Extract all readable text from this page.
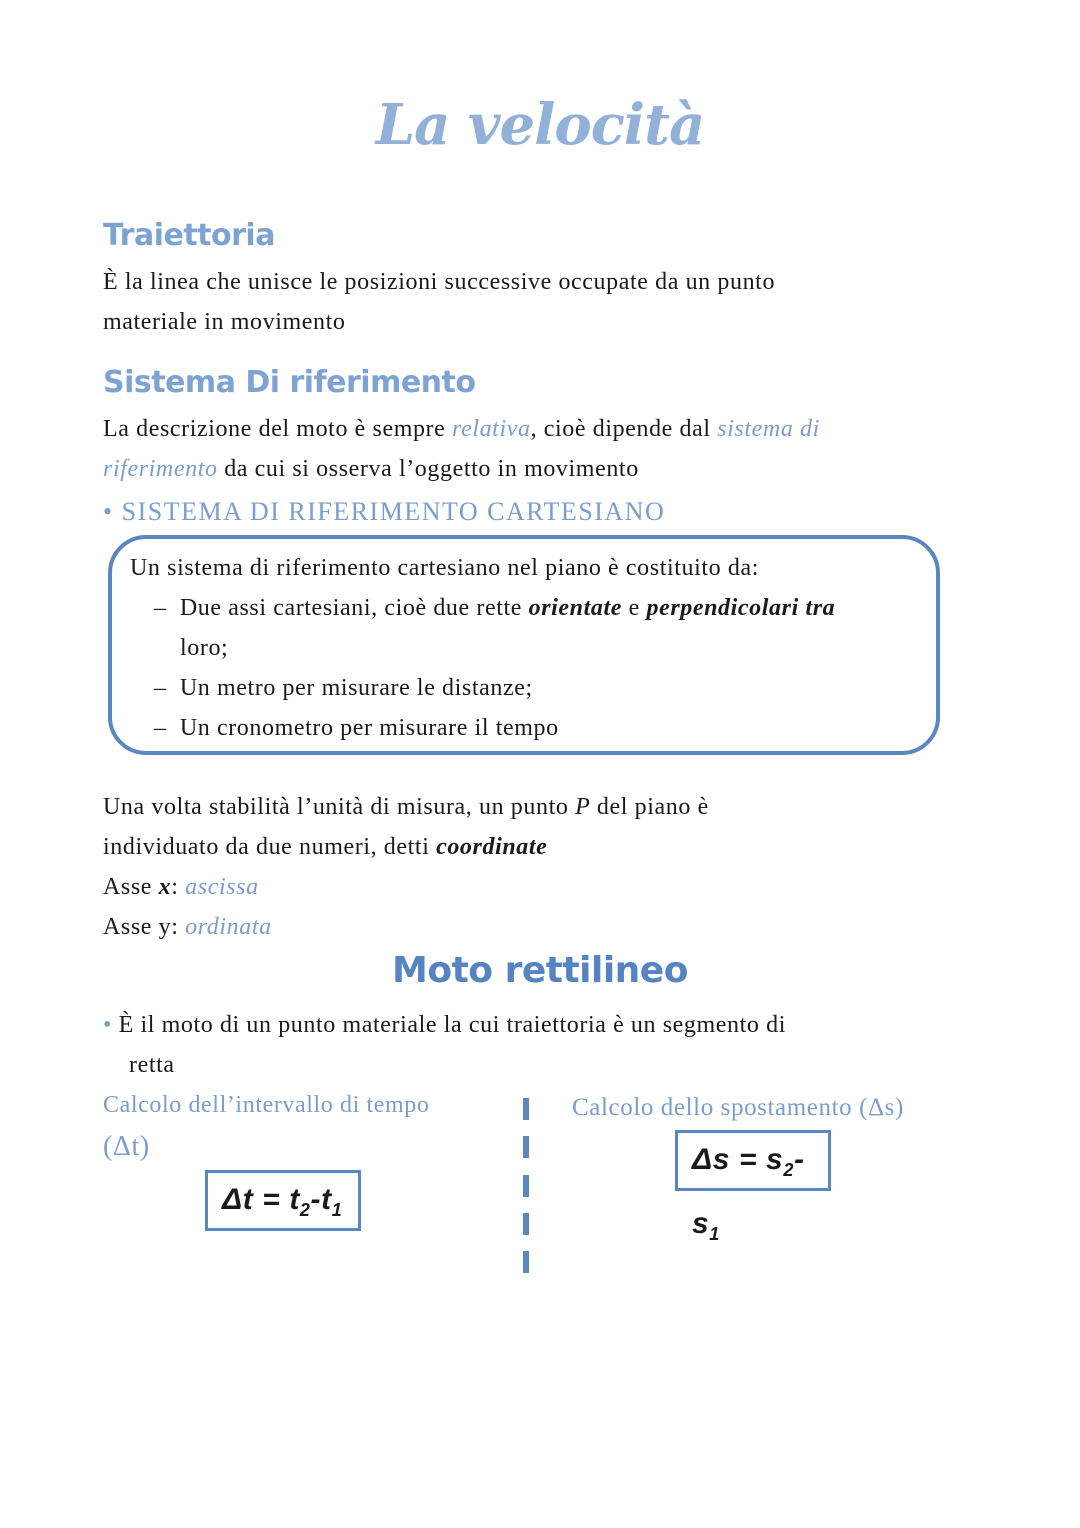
La velocità
Traiettoria
È la linea che unisce le posizioni successive occupate da un punto
materiale in movimento
Sistema Di riferimento
La descrizione del moto è sempre relativa, cioè dipende dal sistema di
riferimento da cui si osserva l’oggetto in movimento
• SISTEMA DI RIFERIMENTO CARTESIANO
Un sistema di riferimento cartesiano nel piano è costituito da:
– Due assi cartesiani, cioè due rette orientate e perpendicolari tra
loro;
– Un metro per misurare le distanze;
– Un cronometro per misurare il tempo
Una volta stabilità l’unità di misura, un punto P del piano è
individuato da due numeri, detti coordinate
Asse x: ascissa
Asse y: ordinata
Moto rettilineo
• È il moto di un punto materiale la cui traiettoria è un segmento di
retta
Calcolo dell’intervallo di tempo
(Δt)
$\Delta t = t_2-t_1$
Calcolo dello spostamento (Δs)
$\Delta s = s_2-s_1$
